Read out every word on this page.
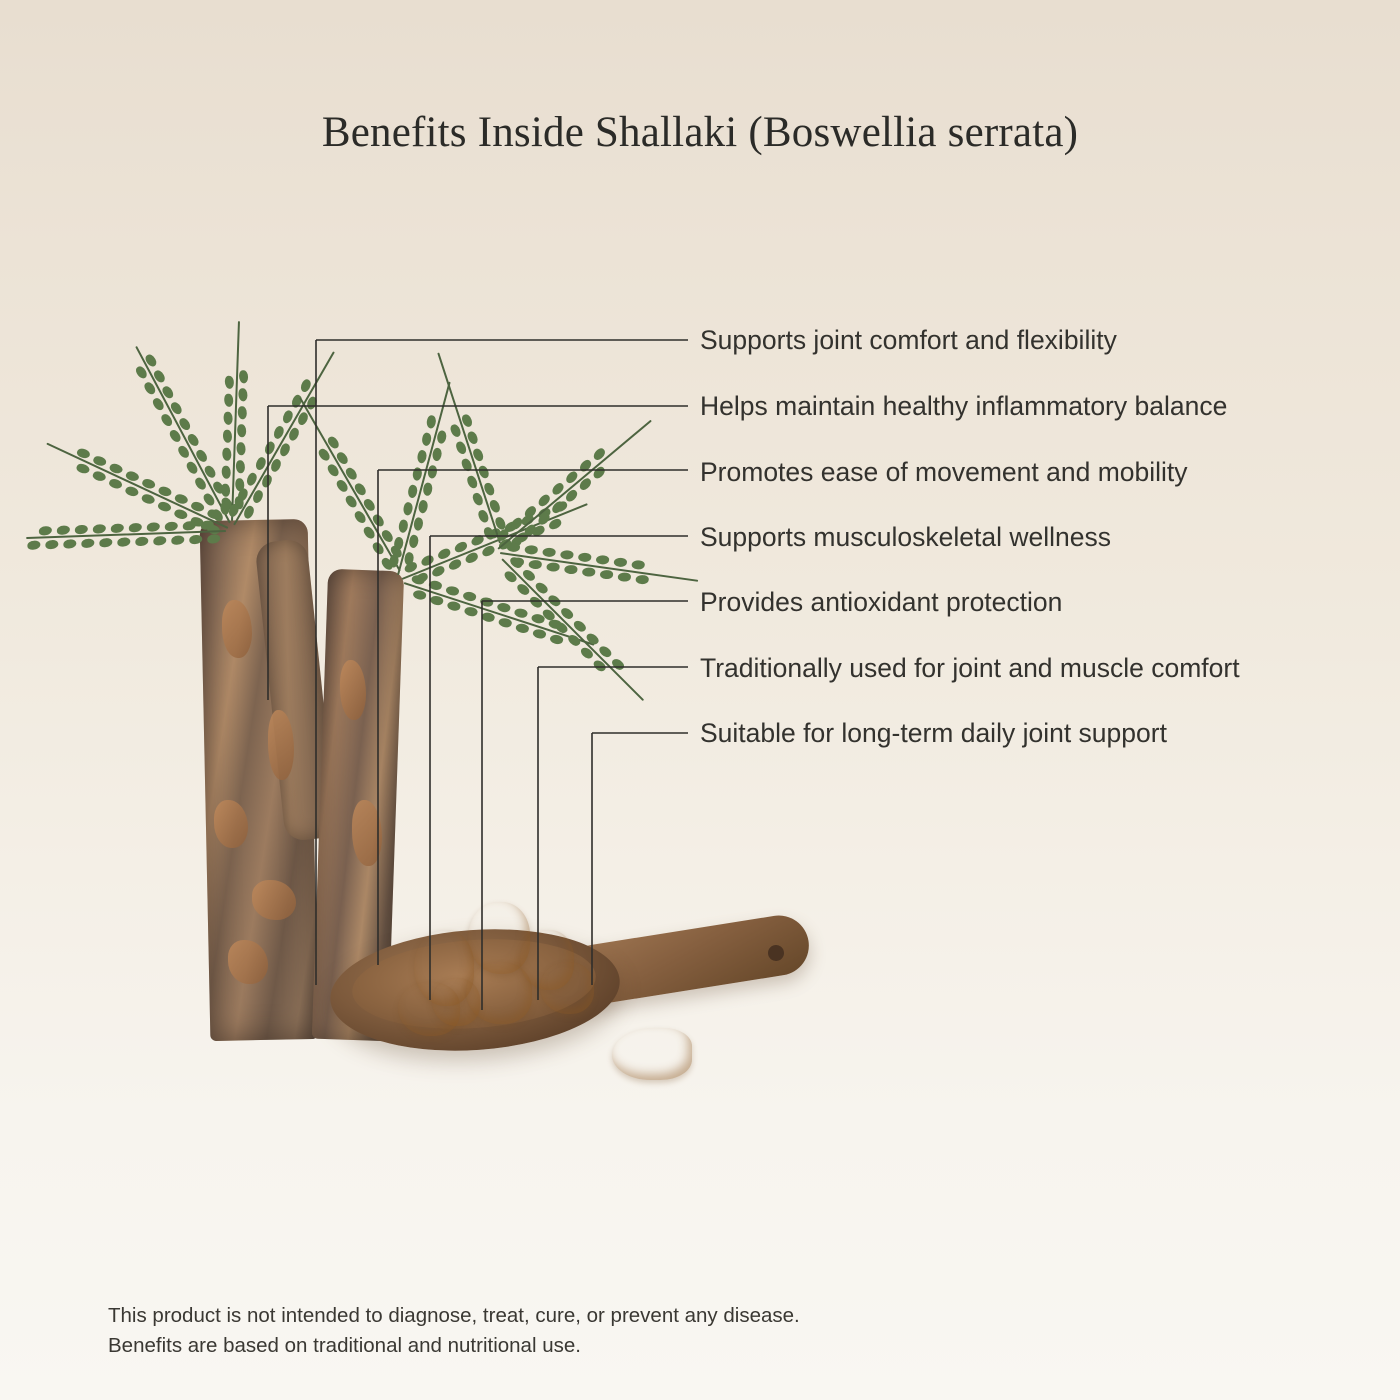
Benefits Inside Shallaki (Boswellia serrata)
Supports joint comfort and flexibility
Helps maintain healthy inflammatory balance
Promotes ease of movement and mobility
Supports musculoskeletal wellness
Provides antioxidant protection
Traditionally used for joint and muscle comfort
Suitable for long-term daily joint support
This product is not intended to diagnose, treat, cure, or prevent any disease.
Benefits are based on traditional and nutritional use.
